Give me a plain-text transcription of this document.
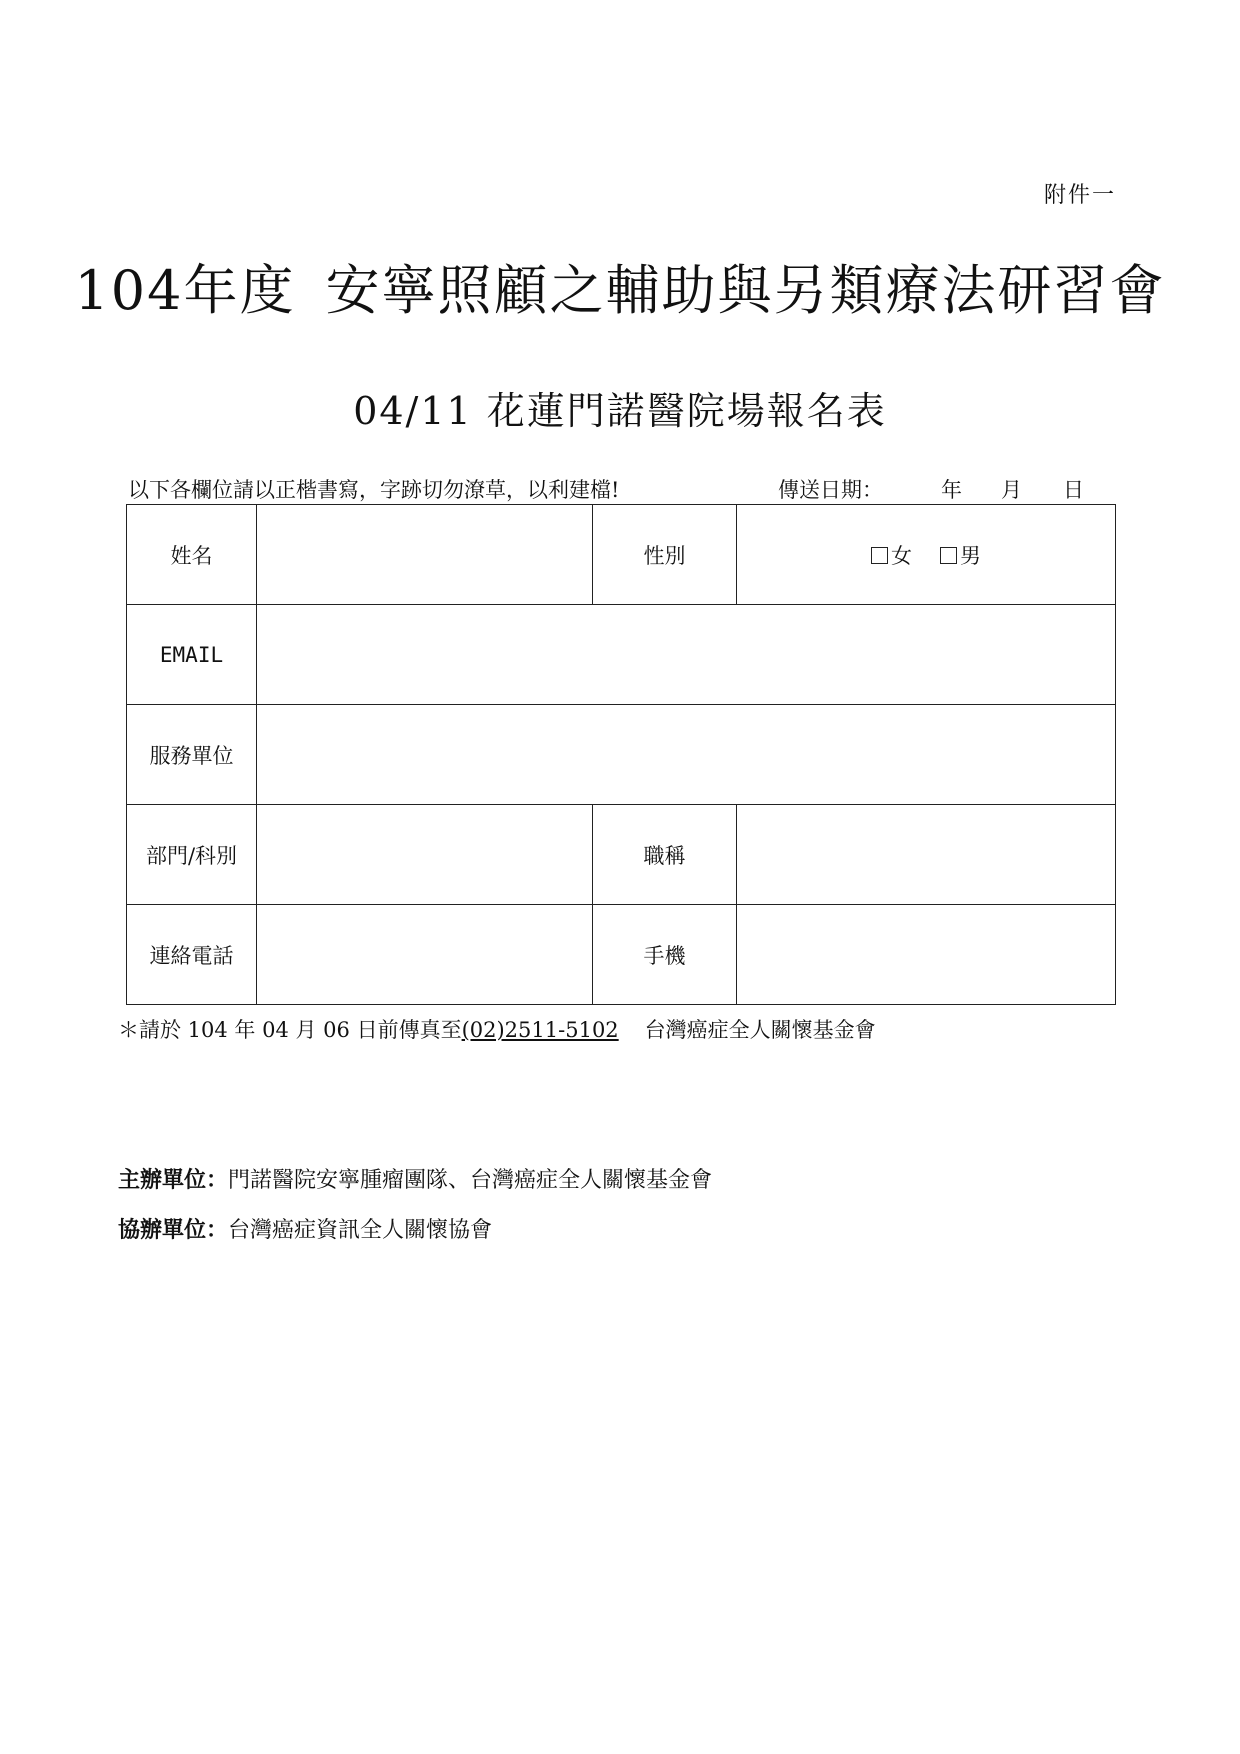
附件一
104年度 安寧照顧之輔助與另類療法研習會
04/11 花蓮門諾醫院場報名表
以下各欄位請以正楷書寫，字跡切勿潦草，以利建檔!	傳送日期：	年 月 日
姓名		性別	女 男
EMAIL			
服務單位			
部門/科別		職稱	
連絡電話		手機	
＊請於 104 年 04 月 06 日前傳真至(02)2511-5102 台灣癌症全人關懷基金會
主辦單位：門諾醫院安寧腫瘤團隊、台灣癌症全人關懷基金會
協辦單位：台灣癌症資訊全人關懷協會
